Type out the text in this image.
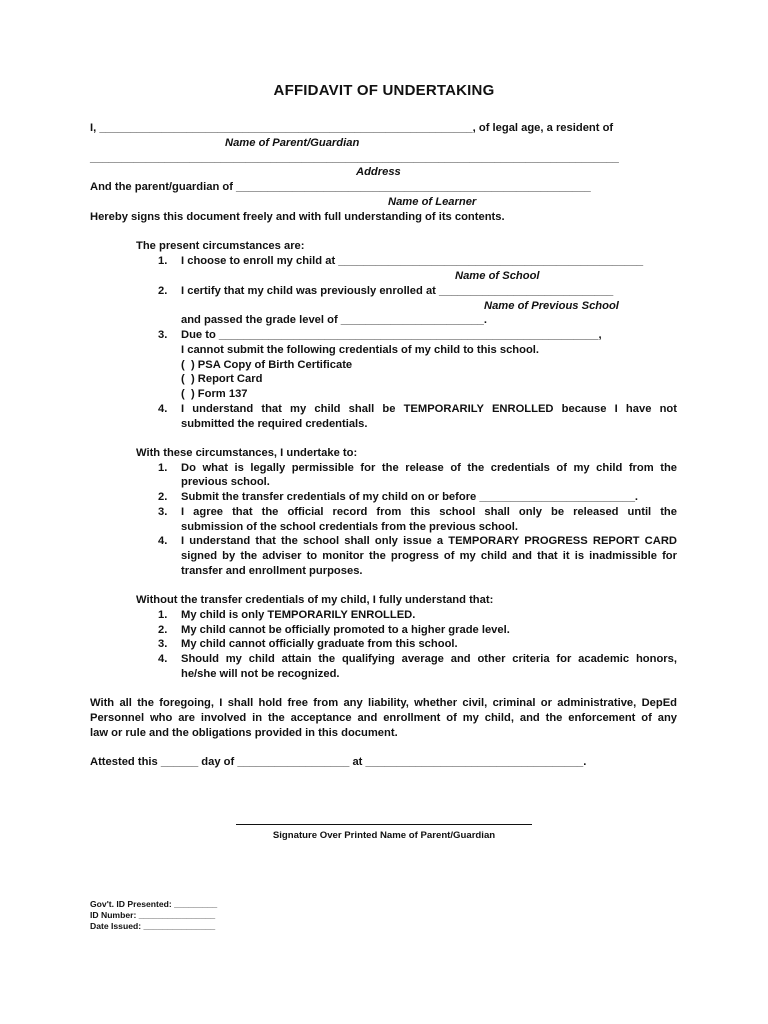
AFFIDAVIT OF UNDERTAKING
I, ____________________________________________________________, of legal age, a resident of
Name of Parent/Guardian
_____________________________________________________________________________________
Address
And the parent/guardian of _________________________________________________________
Name of Learner
Hereby signs this document freely and with full understanding of its contents.
The present circumstances are:
1. I choose to enroll my child at _________________________________________________
Name of School
2. I certify that my child was previously enrolled at ____________________________
Name of Previous School
and passed the grade level of _______________________.
3. Due to _____________________________________________________________,
I cannot submit the following credentials of my child to this school.
(  ) PSA Copy of Birth Certificate
(  ) Report Card
(  ) Form 137
4. I understand that my child shall be TEMPORARILY ENROLLED because I have not
submitted the required credentials.
With these circumstances, I undertake to:
1. Do what is legally permissible for the release of the credentials of my child from the
previous school.
2. Submit the transfer credentials of my child on or before _________________________.
3. I agree that the official record from this school shall only be released until the
submission of the school credentials from the previous school.
4. I understand that the school shall only issue a TEMPORARY PROGRESS REPORT CARD
signed by the adviser to monitor the progress of my child and that it is inadmissible for
transfer and enrollment purposes.
Without the transfer credentials of my child, I fully understand that:
1. My child is only TEMPORARILY ENROLLED.
2. My child cannot be officially promoted to a higher grade level.
3. My child cannot officially graduate from this school.
4. Should my child attain the qualifying average and other criteria for academic honors,
he/she will not be recognized.
With all the foregoing, I shall hold free from any liability, whether civil, criminal or administrative, DepEd
Personnel who are involved in the acceptance and enrollment of my child, and the enforcement of any
law or rule and the obligations provided in this document.
Attested this ______ day of __________________ at ___________________________________.
Signature Over Printed Name of Parent/Guardian
Gov't. ID Presented: _________
ID Number: ________________
Date Issued: _______________
